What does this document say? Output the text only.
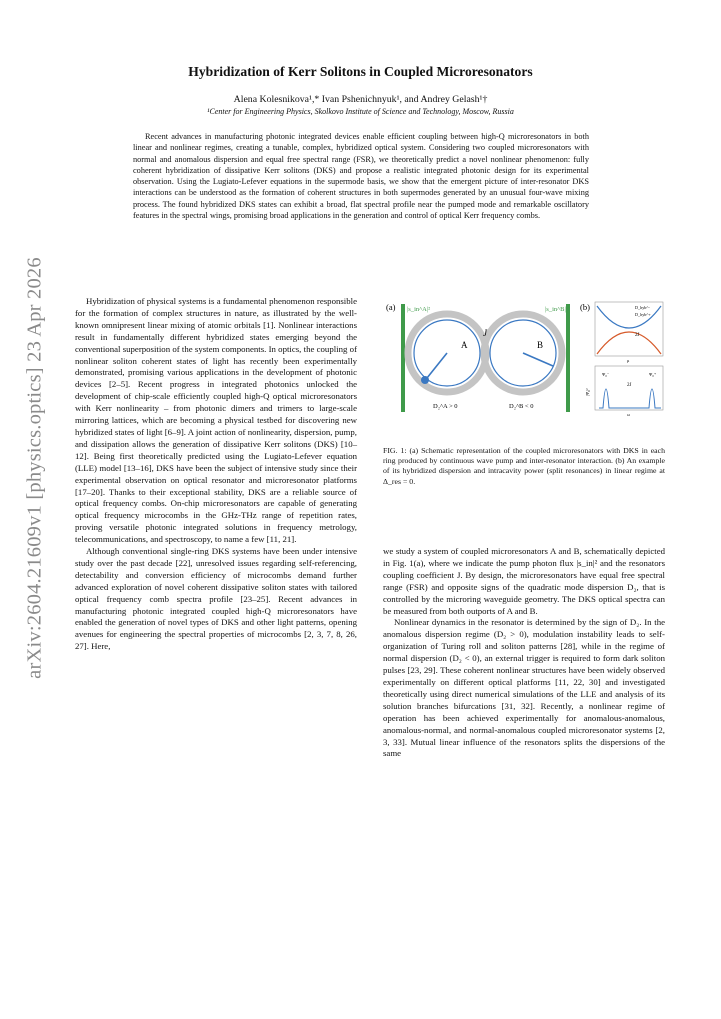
arXiv:2604.21609v1 [physics.optics] 23 Apr 2026
Hybridization of Kerr Solitons in Coupled Microresonators
Alena Kolesnikova¹,* Ivan Pshenichnyuk¹, and Andrey Gelash¹†
¹Center for Engineering Physics, Skolkovo Institute of Science and Technology, Moscow, Russia

Recent advances in manufacturing photonic integrated devices enable efficient coupling between high-Q microresonators in both linear and nonlinear regimes, creating a tunable, complex, hybridized optical system. Considering two coupled microresonators with normal and anomalous dispersion and equal free spectral range (FSR), we theoretically predict a novel nonlinear phenomenon: fully coherent hybridization of dissipative Kerr solitons (DKS) and propose a realistic integrated photonic design for its experimental observation. Using the Lugiato-Lefever equations in the supermode basis, we show that the emergent picture of inter-resonator DKS interactions can be understood as the formation of coherent structures in both supermodes generated by an unusual four-wave mixing process. The found hybridized DKS states can exhibit a broad, flat spectral profile near the pumped mode and remarkable oscillatory features in the spectral wings, promising broad applications in the generation and control of optical Kerr frequency combs.

Hybridization of physical systems is a fundamental phenomenon responsible for the formation of complex structures in nature, as illustrated by the well-known omnipresent linear mixing of atomic orbitals [1]. Nonlinear interactions result in fundamentally different hybridized states emerging beyond the conventional superposition of the system components. In optics, the coupling of nonlinear soliton coherent states of light has recently been experimentally demonstrated, promising various applications in the development of photonic devices [2–5]. Recent progress in integrated photonics unlocked the development of chip-scale efficiently coupled high-Q optical microresonators with Kerr nonlinearity – from photonic dimers and trimers to large-scale mirroring lattices, which are becoming a physical testbed for discovering new hybridized states of light [6–9]. A joint action of nonlinearity, dispersion, pump, and dissipation allows the generation of dissipative Kerr solitons (DKS) [10–12]. Being first theoretically predicted using the Lugiato-Lefever equation (LLE) model [13–16], DKS have been the subject of intensive study since their experimental observation on optical resonator and microresonator platforms [17–20]. Thanks to their exceptional stability, DKS are a reliable source of optical frequency combs. On-chip microresonators are capable of generating optical frequency microcombs in the GHz-THz range of repetition rates, proving versatile photonic integrated solutions in frequency metrology, telecommunications, and spectroscopy, to name a few [11, 21].

Although conventional single-ring DKS systems have been under intensive study over the past decade [22], unresolved issues regarding self-referencing, detectability and conversion efficiency of microcombs demand further advanced exploration of novel coherent dissipative soliton states with tailored optical frequency comb spectra profile [23–25]. Recent advances in manufacturing photonic integrated coupled high-Q microresonators have enabled the generation of novel types of DKS and other light patterns, opening avenues for engineering the spectral properties of microcombs [2, 3, 7, 8, 26, 27]. Here,

(a) |s_in^A|²	|s_in^B|²
A
D₂^A > 0
B
D₂^B < 0
J
(b)	D_hyb^-
D_hyb^+
2J
μ
Ψ₀⁻	Ψ₀⁺
2J
|Ψ₀|²
ω
FIG. 1: (a) Schematic representation of the coupled microresonators with DKS in each ring produced by continuous wave pump and inter-resonator interaction. (b) An example of its hybridized dispersion and intracavity power (split resonances) in linear regime at Δ_res = 0.

we study a system of coupled microresonators A and B, schematically depicted in Fig. 1(a), where we indicate the pump photon flux |s_in|² and the resonators coupling coefficient J. By design, the microresonators have equal free spectral range (FSR) and opposite signs of the quadratic mode dispersion D₂, that is controlled by the microring waveguide geometry. The DKS optical spectra can be measured from both outports of A and B.

Nonlinear dynamics in the resonator is determined by the sign of D₂. In the anomalous dispersion regime (D₂ > 0), modulation instability leads to self-organization of Turing roll and soliton patterns [28], while in the regime of normal dispersion (D₂ < 0), an external trigger is required to form dark soliton pulses [23, 29]. These coherent nonlinear structures have been widely observed experimentally on different optical platforms [11, 22, 30] and investigated theoretically using direct numerical simulations of the LLE and analysis of its solution branches bifurcations [31, 32]. Recently, a nonlinear regime of operation has been achieved experimentally for anomalous-anomalous, anomalous-normal, and normal-anomalous coupled microresonator systems [2, 3, 33]. Mutual linear influence of the resonators splits the dispersions of the same
